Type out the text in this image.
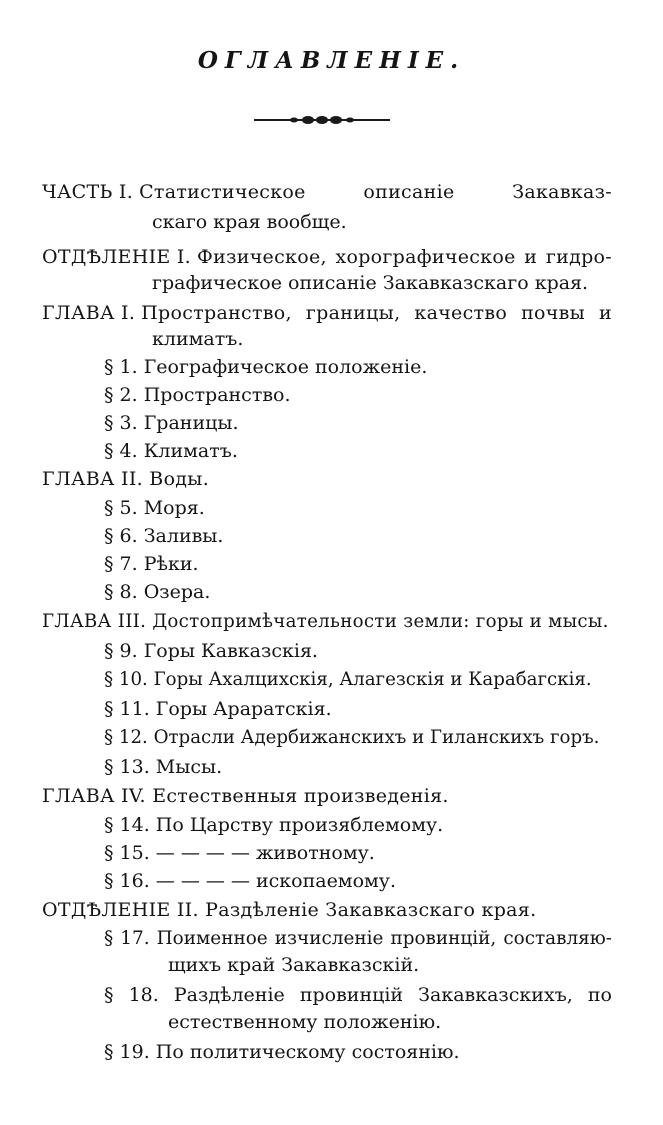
ОГЛАВЛЕНIЕ.
ЧАСТЬ I. Статистическое описанiе Закавказ-
скаго края вообще.
ОТДѢЛЕНIЕ I. Физическое, хорографическое и гидро-
графическое описанiе Закавказскаго края.
ГЛАВА I. Пространство, границы, качество почвы и
климатъ.
§ 1. Географическое положенiе.
§ 2. Пространство.
§ 3. Границы.
§ 4. Климатъ.
ГЛАВА II. Воды.
§ 5. Моря.
§ 6. Заливы.
§ 7. Рѣки.
§ 8. Озера.
ГЛАВА III. Достопримѣчательности земли: горы и мысы.
§ 9. Горы Кавказскiя.
§ 10. Горы Ахалцихскiя, Алагезскiя и Карабагскiя.
§ 11. Горы Араратскiя.
§ 12. Отрасли Адербижанскихъ и Гиланскихъ горъ.
§ 13. Мысы.
ГЛАВА IV. Естественныя произведенiя.
§ 14. По Царству произяблемому.
§ 15. — — — — животному.
§ 16. — — — — ископаемому.
ОТДѢЛЕНIЕ II. Раздѣленiе Закавказскаго края.
§ 17. Поименное изчисленiе провинцiй, составляю-
щихъ край Закавказскiй.
§ 18. Раздѣленiе провинцiй Закавказскихъ, по
естественному положенiю.
§ 19. По политическому состоянiю.
